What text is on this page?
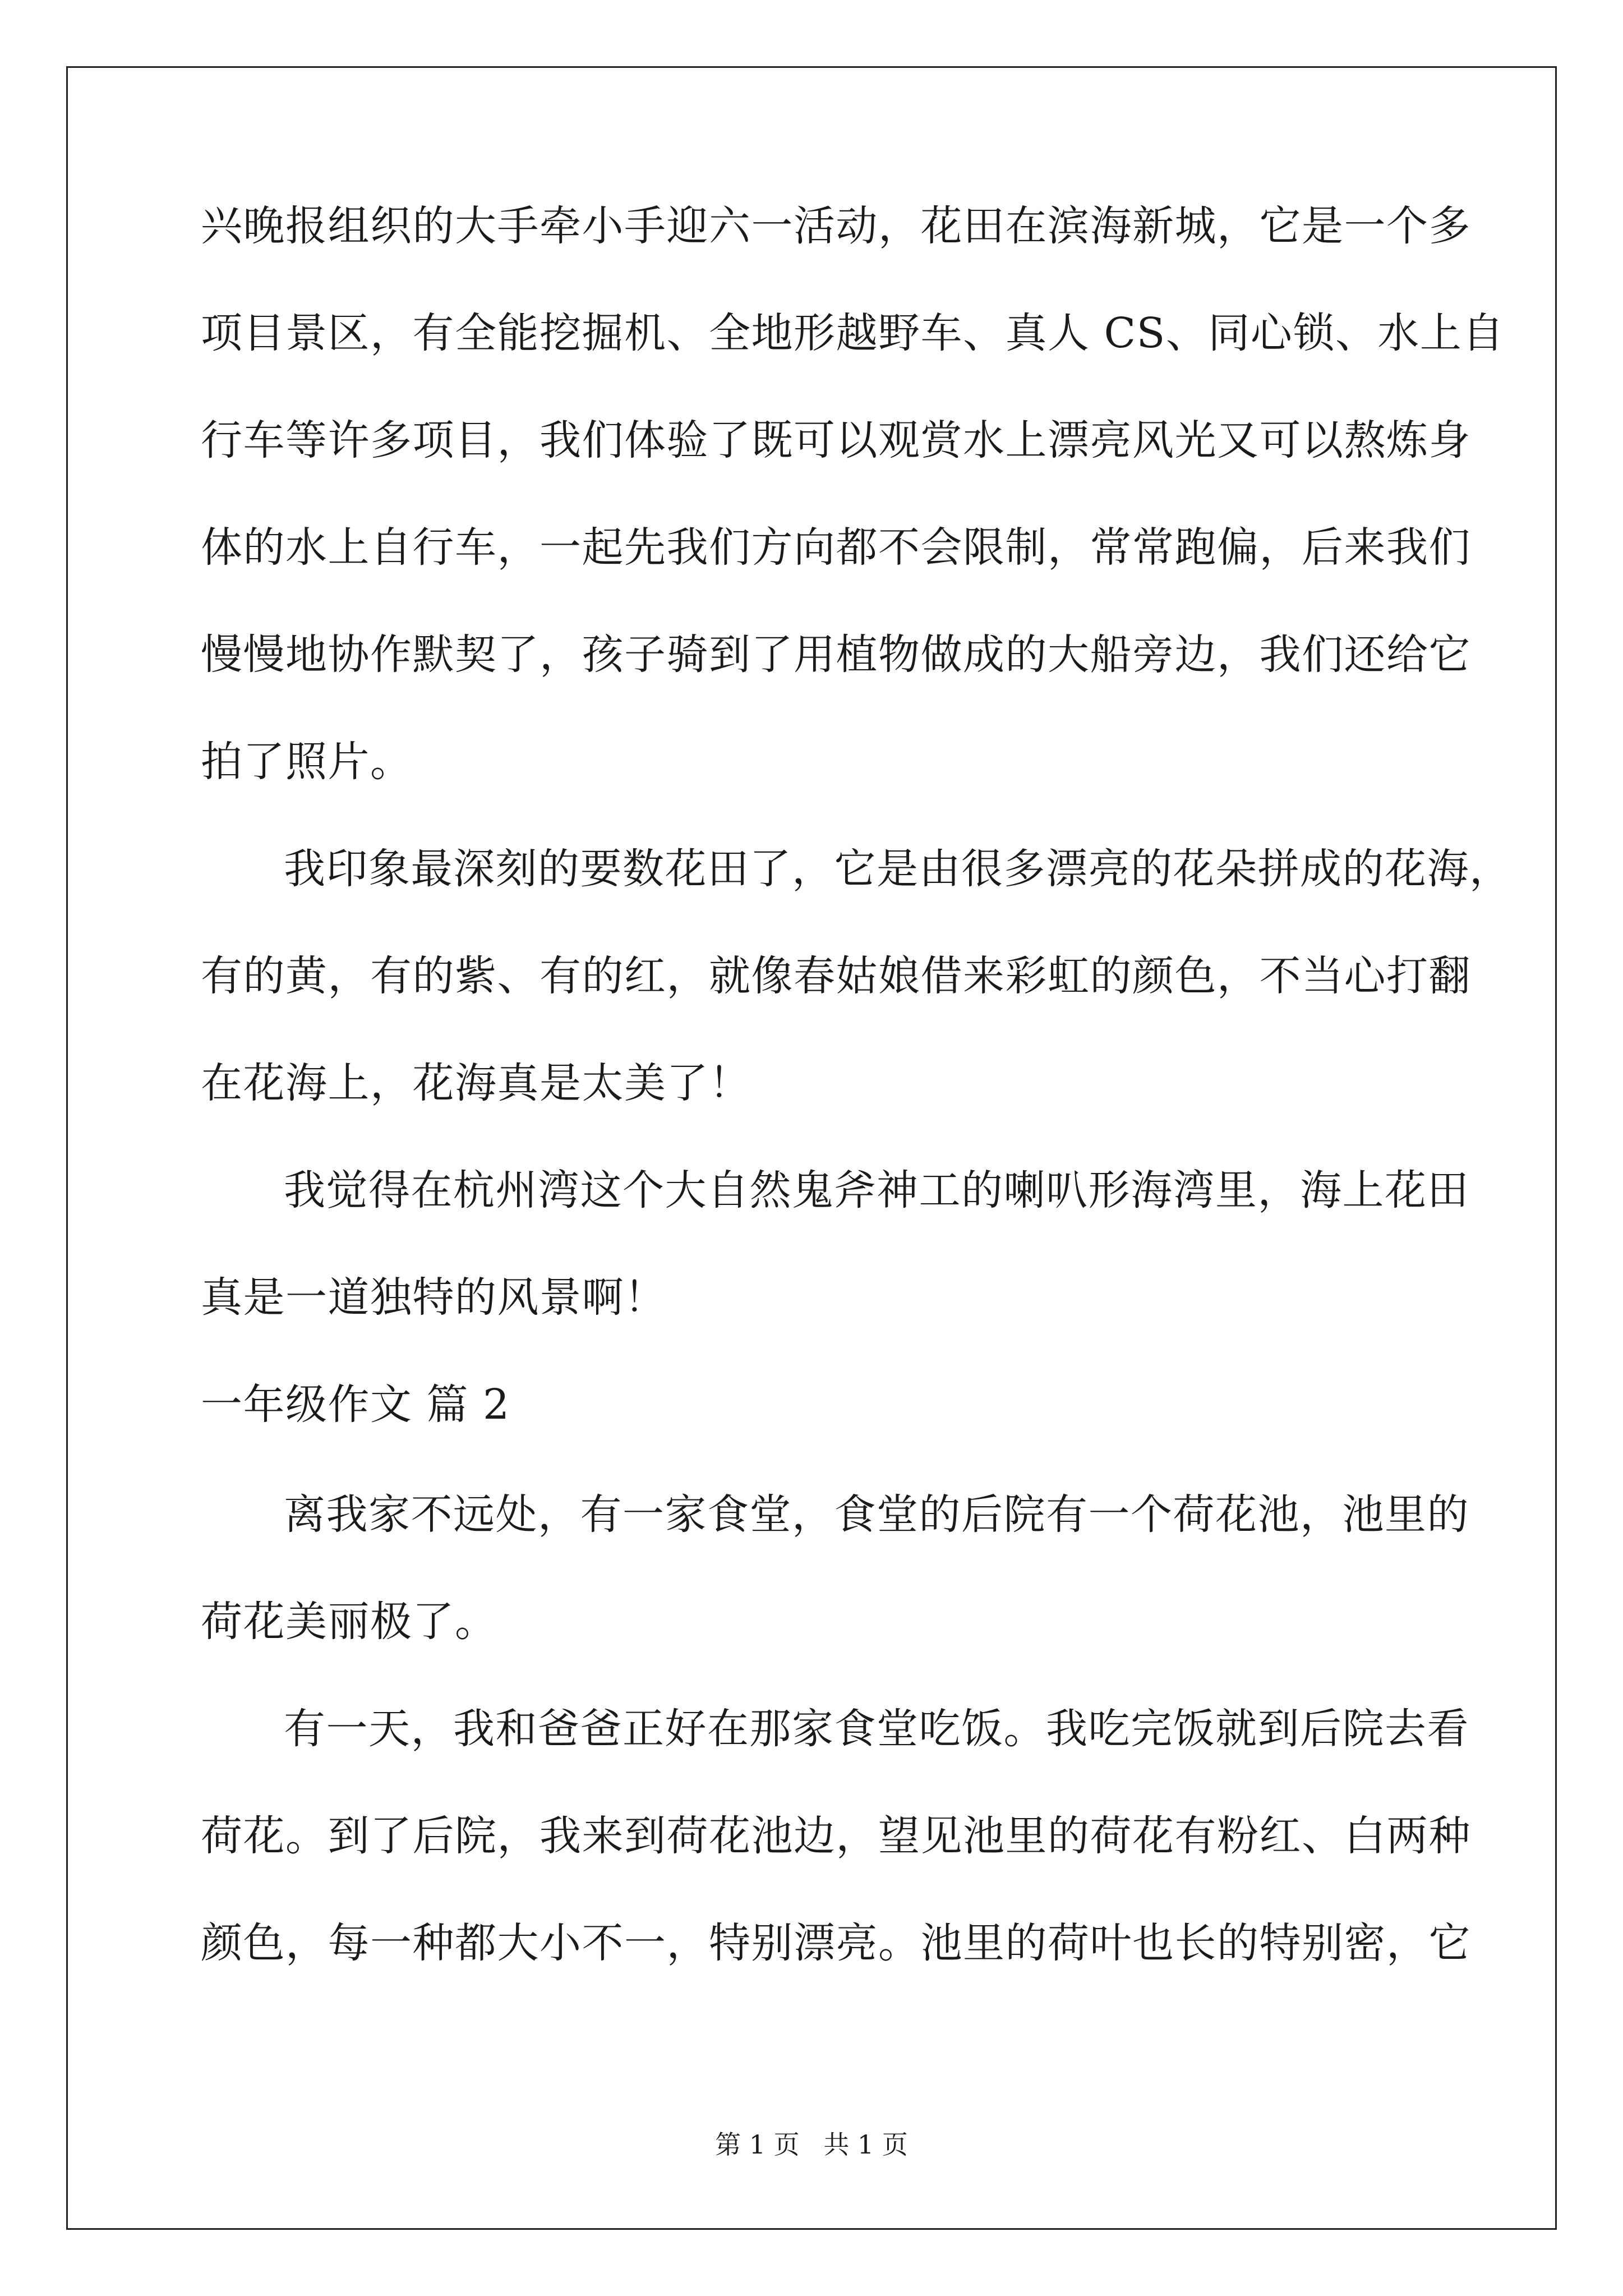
兴晚报组织的大手牵小手迎六一活动，花田在滨海新城，它是一个多
项目景区，有全能挖掘机、全地形越野车、真人 CS、同心锁、水上自
行车等许多项目，我们体验了既可以观赏水上漂亮风光又可以熬炼身
体的水上自行车，一起先我们方向都不会限制，常常跑偏，后来我们
慢慢地协作默契了，孩子骑到了用植物做成的大船旁边，我们还给它
拍了照片。
我印象最深刻的要数花田了，它是由很多漂亮的花朵拼成的花海，
有的黄，有的紫、有的红，就像春姑娘借来彩虹的颜色，不当心打翻
在花海上，花海真是太美了！
我觉得在杭州湾这个大自然鬼斧神工的喇叭形海湾里，海上花田
真是一道独特的风景啊！
一年级作文 篇 2
离我家不远处，有一家食堂，食堂的后院有一个荷花池，池里的
荷花美丽极了。
有一天，我和爸爸正好在那家食堂吃饭。我吃完饭就到后院去看
荷花。到了后院，我来到荷花池边，望见池里的荷花有粉红、白两种
颜色，每一种都大小不一，特别漂亮。池里的荷叶也长的特别密，它
第 1 页 共 1 页
